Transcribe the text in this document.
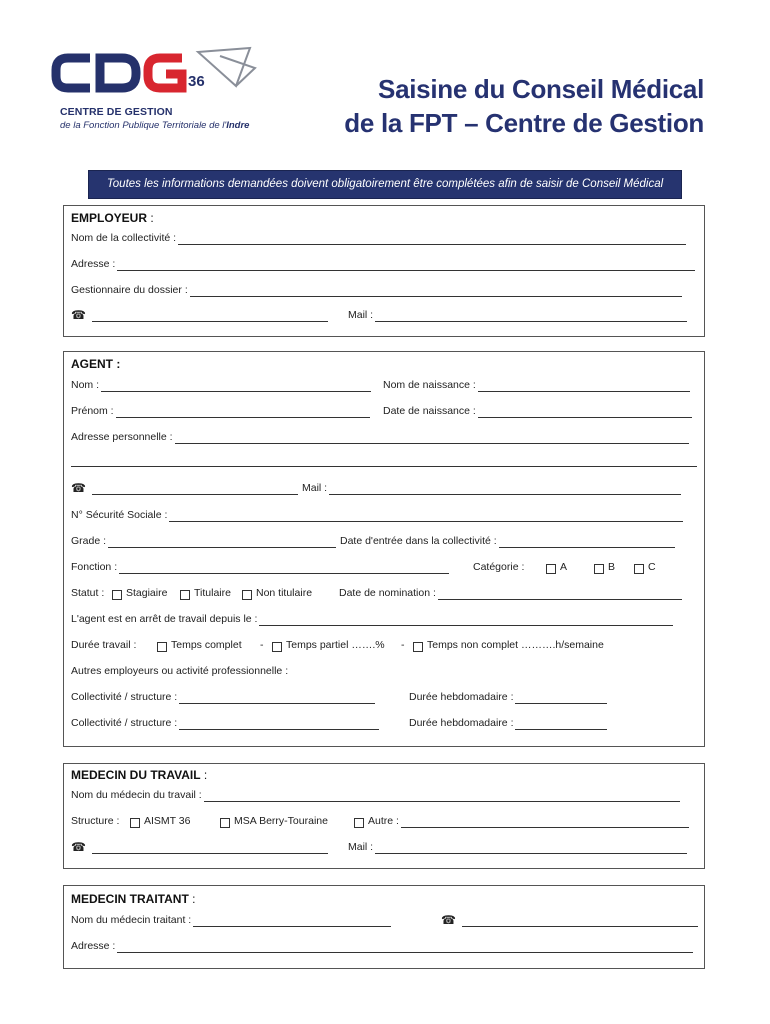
36
CENTRE DE GESTION
de la Fonction Publique Territoriale de l'Indre
Saisine du Conseil Médical
de la FPT – Centre de Gestion
Toutes les informations demandées doivent obligatoirement être complétées afin de saisir de Conseil Médical
EMPLOYEUR :
Nom de la collectivité :
Adresse :
Gestionnaire du dossier :
☎	Mail :
AGENT :
Nom :	Nom de naissance :
Prénom :	Date de naissance :
Adresse personnelle :
☎	Mail :
N° Sécurité Sociale :
Grade :	Date d'entrée dans la collectivité :
Fonction :	Catégorie :	A	B	C
Statut : Stagiaire	Titulaire Non titulaire	Date de nomination :
L'agent est en arrêt de travail depuis le :
Durée travail :	Temps complet - Temps partiel …….% - Temps non complet ……….h/semaine
Autres employeurs ou activité professionnelle :
Collectivité / structure :	Durée hebdomadaire :
Collectivité / structure :	Durée hebdomadaire :
MEDECIN DU TRAVAIL :
Nom du médecin du travail :
Structure : AISMT 36	MSA Berry-Touraine	Autre :
☎	Mail :
MEDECIN TRAITANT :
Nom du médecin traitant :	☎
Adresse :
